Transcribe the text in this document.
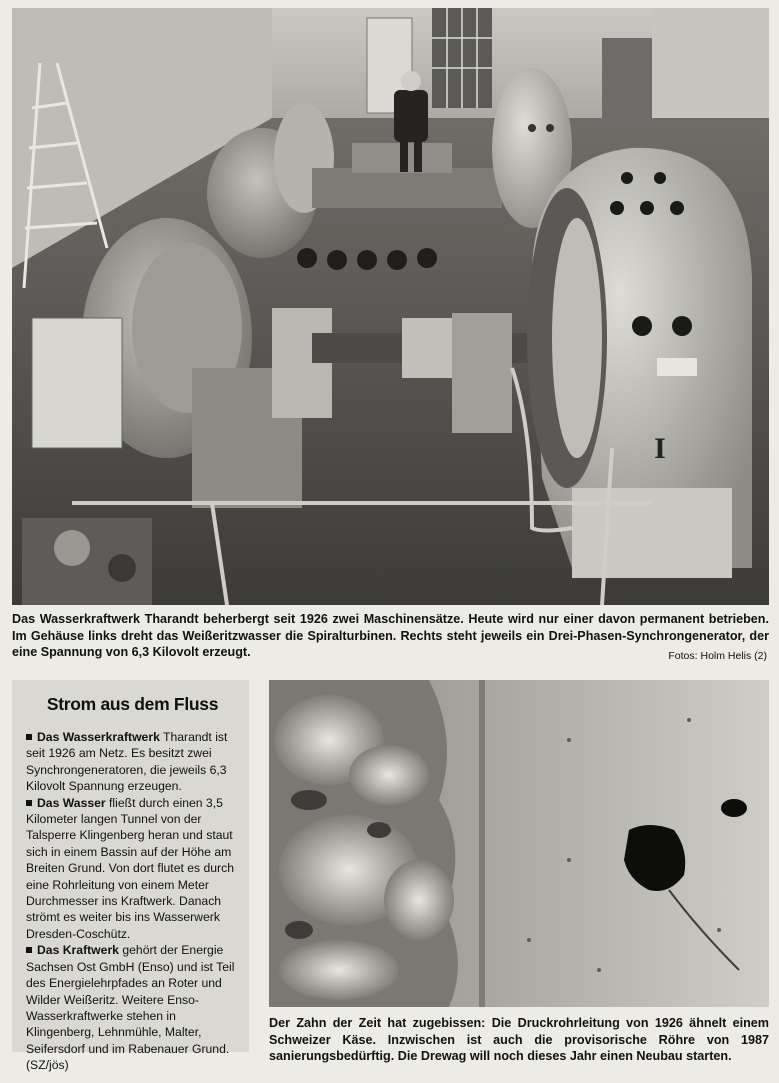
I
Das Wasserkraftwerk Tharandt beherbergt seit 1926 zwei Maschinensätze. Heute wird nur einer davon permanent betrieben. Im Gehäuse links dreht das Weißeritzwasser die Spiralturbinen. Rechts steht jeweils ein Drei-Phasen-Synchrongenerator, der eine Spannung von 6,3 Kilovolt erzeugt.	Fotos: Holm Helis (2)
Strom aus dem Fluss

Das Wasserkraftwerk Tharandt ist seit 1926 am Netz. Es besitzt zwei Synchrongeneratoren, die jeweils 6,3 Kilovolt Spannung erzeugen.

Das Wasser fließt durch einen 3,5 Kilometer langen Tunnel von der Talsperre Klingenberg heran und staut sich in einem Bassin auf der Höhe am Breiten Grund. Von dort flutet es durch eine Rohrleitung von einem Meter Durchmesser ins Kraftwerk. Danach strömt es weiter bis ins Wasserwerk Dresden-Coschütz.

Das Kraftwerk gehört der Energie Sachsen Ost GmbH (Enso) und ist Teil des Energielehrpfades an Roter und Wilder Weißeritz. Weitere Enso-Wasserkraftwerke stehen in Klingenberg, Lehnmühle, Malter, Seifersdorf und im Rabenauer Grund. (SZ/jös)

Der Zahn der Zeit hat zugebissen: Die Druckrohrleitung von 1926 ähnelt einem Schweizer Käse. Inzwischen ist auch die provisorische Röhre von 1987 sanierungsbedürftig. Die Drewag will noch dieses Jahr einen Neubau starten.
